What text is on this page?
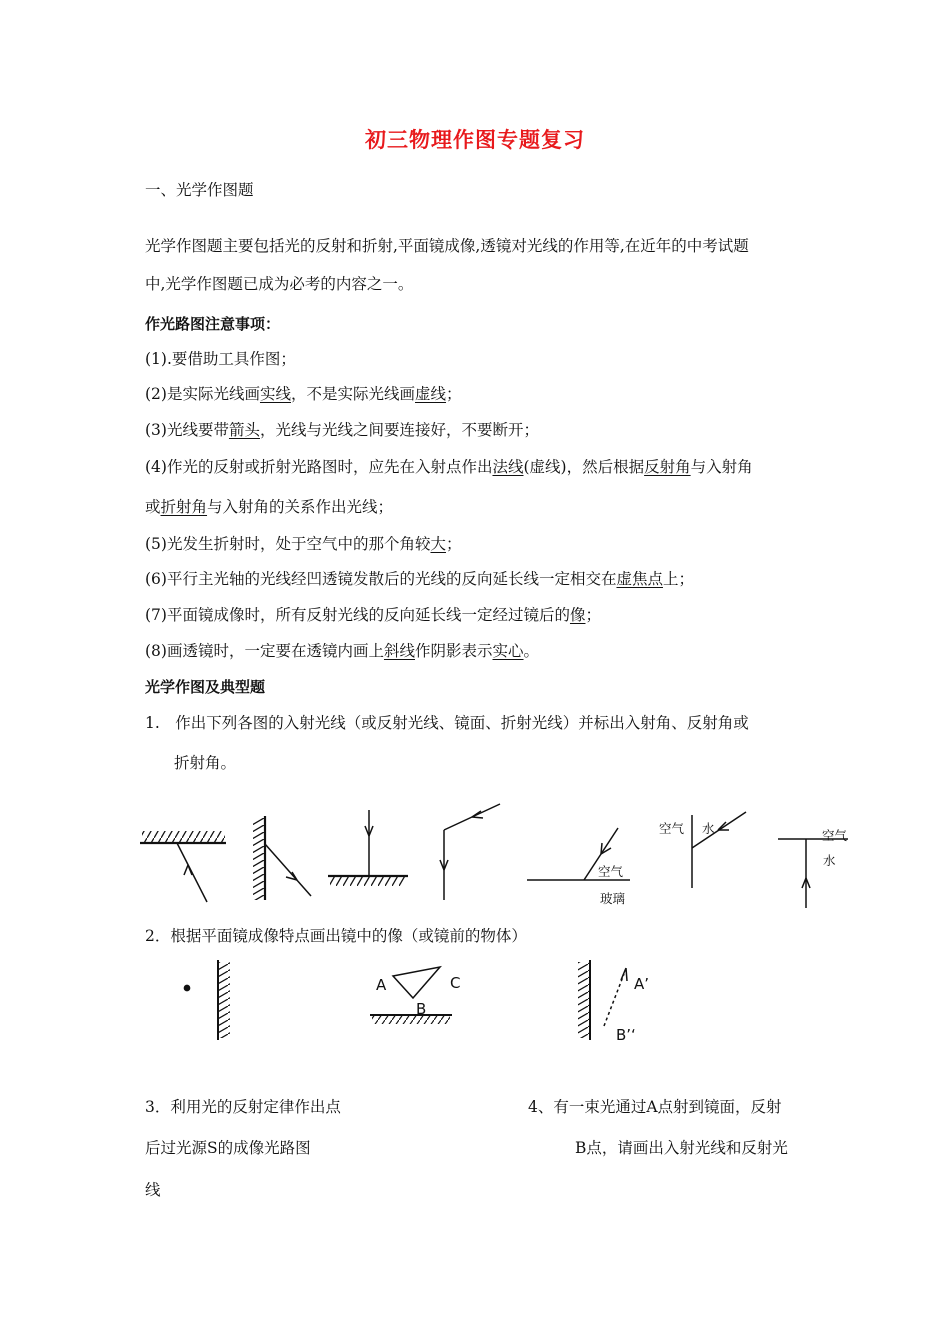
初三物理作图专题复习
一、光学作图题
光学作图题主要包括光的反射和折射,平面镜成像,透镜对光线的作用等,在近年的中考试题
中,光学作图题已成为必考的内容之一。
作光路图注意事项：
(1).要借助工具作图；
(2)是实际光线画实线，不是实际光线画虚线；
(3)光线要带箭头，光线与光线之间要连接好，不要断开；
(4)作光的反射或折射光路图时，应先在入射点作出法线(虚线)，然后根据反射角与入射角
或折射角与入射角的关系作出光线；
(5)光发生折射时，处于空气中的那个角较大；
(6)平行主光轴的光线经凹透镜发散后的光线的反向延长线一定相交在虚焦点上；
(7)平面镜成像时，所有反射光线的反向延长线一定经过镜后的像；
(8)画透镜时，一定要在透镜内画上斜线作阴影表示实心。
光学作图及典型题
1.　作出下列各图的入射光线（或反射光线、镜面、折射光线）并标出入射角、反射角或
折射角。
空气
玻璃
空气 水	空气
水
2．根据平面镜成像特点画出镜中的像（或镜前的物体）
S
A	C
B
A’
B’‘
3．利用光的反射定律作出点
后过光源S的成像光路图
线
4、有一束光通过A点射到镜面，反射
B点，请画出入射光线和反射光
